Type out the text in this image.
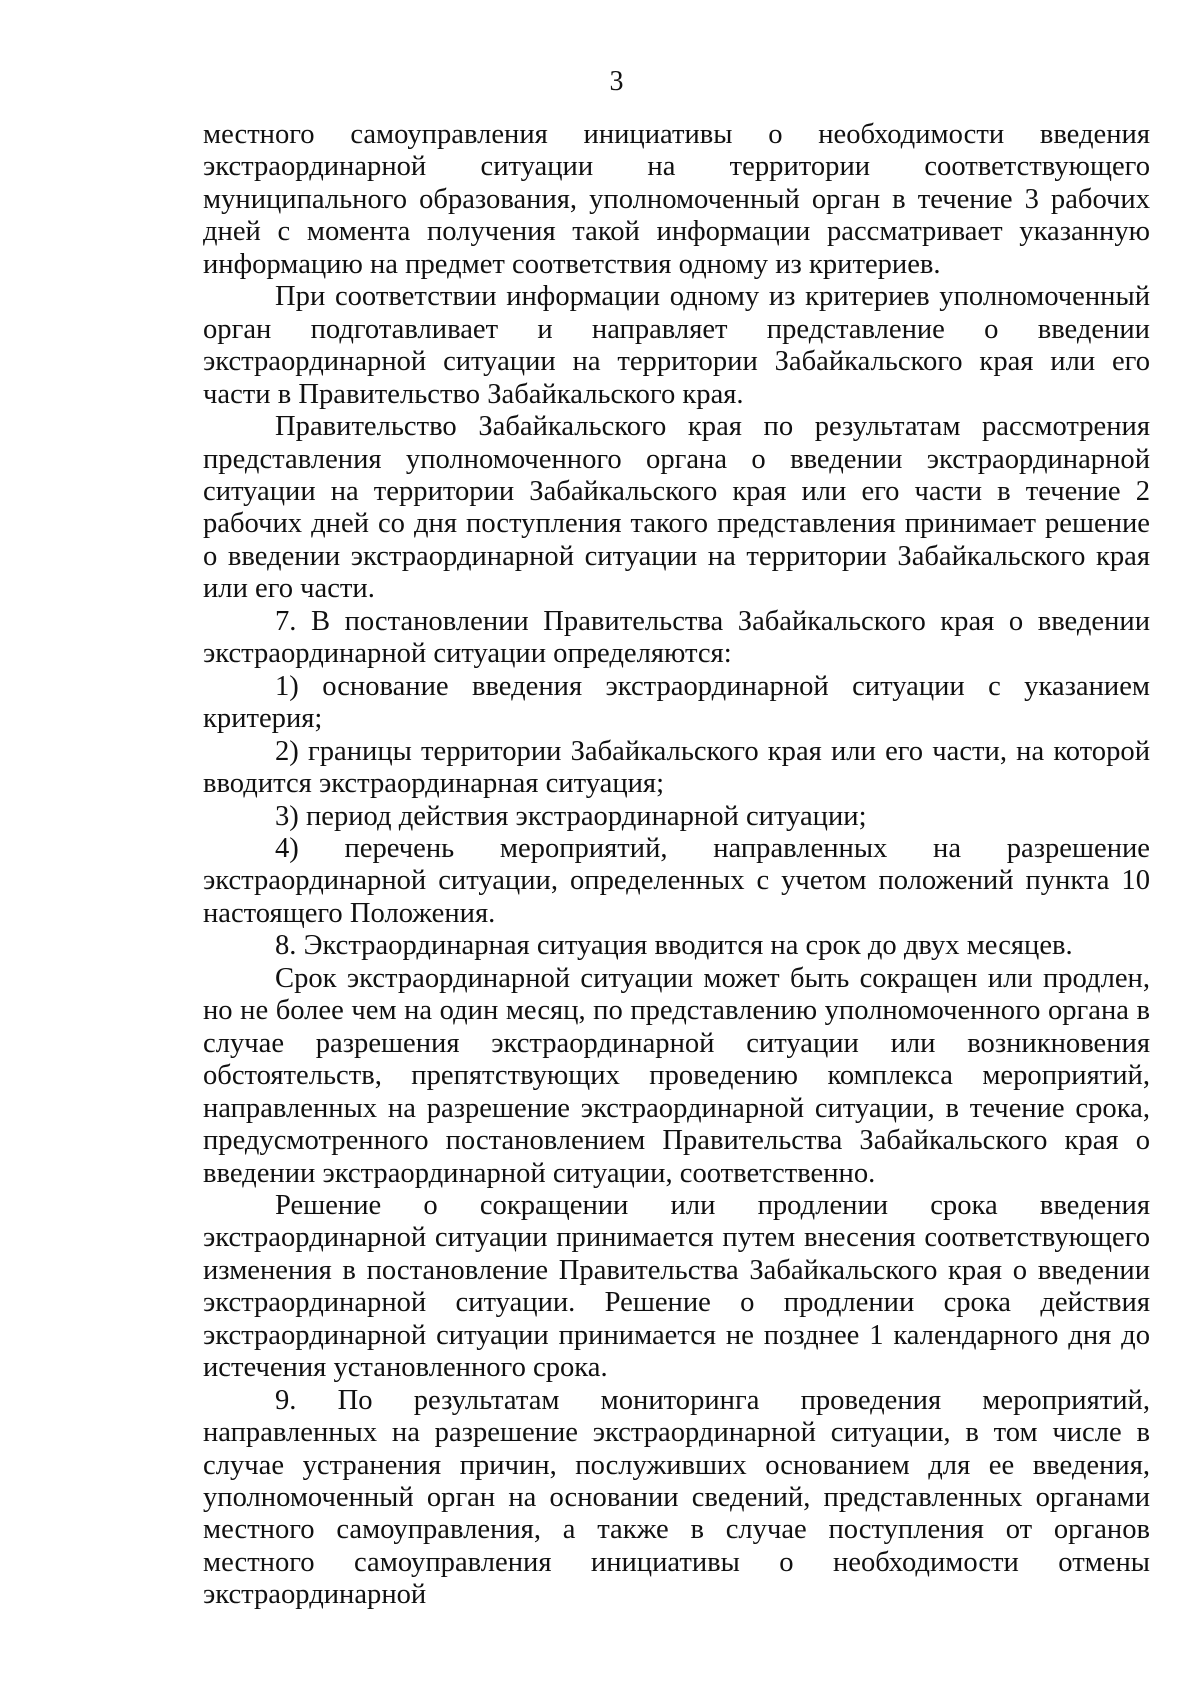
3

местного самоуправления инициативы о необходимости введения экстраординарной ситуации на территории соответствующего муниципального образования, уполномоченный орган в течение 3 рабочих дней с момента получения такой информации рассматривает указанную информацию на предмет соответствия одному из критериев.

При соответствии информации одному из критериев уполномоченный орган подготавливает и направляет представление о введении экстраординарной ситуации на территории Забайкальского края или его части в Правительство Забайкальского края.

Правительство Забайкальского края по результатам рассмотрения представления уполномоченного органа о введении экстраординарной ситуации на территории Забайкальского края или его части в течение 2 рабочих дней со дня поступления такого представления принимает решение о введении экстраординарной ситуации на территории Забайкальского края или его части.

7. В постановлении Правительства Забайкальского края о введении экстраординарной ситуации определяются:

1) основание введения экстраординарной ситуации с указанием критерия;

2) границы территории Забайкальского края или его части, на которой вводится экстраординарная ситуация;

3) период действия экстраординарной ситуации;

4) перечень мероприятий, направленных на разрешение экстраординарной ситуации, определенных с учетом положений пункта 10 настоящего Положения.

8. Экстраординарная ситуация вводится на срок до двух месяцев.

Срок экстраординарной ситуации может быть сокращен или продлен, но не более чем на один месяц, по представлению уполномоченного органа в случае разрешения экстраординарной ситуации или возникновения обстоятельств, препятствующих проведению комплекса мероприятий, направленных на разрешение экстраординарной ситуации, в течение срока, предусмотренного постановлением Правительства Забайкальского края о введении экстраординарной ситуации, соответственно.

Решение о сокращении или продлении срока введения экстраординарной ситуации принимается путем внесения соответствующего изменения в постановление Правительства Забайкальского края о введении экстраординарной ситуации. Решение о продлении срока действия экстраординарной ситуации принимается не позднее 1 календарного дня до истечения установленного срока.

9. По результатам мониторинга проведения мероприятий, направленных на разрешение экстраординарной ситуации, в том числе в случае устранения причин, послуживших основанием для ее введения, уполномоченный орган на основании сведений, представленных органами местного самоуправления, а также в случае поступления от органов местного самоуправления инициативы о необходимости отмены экстраординарной
